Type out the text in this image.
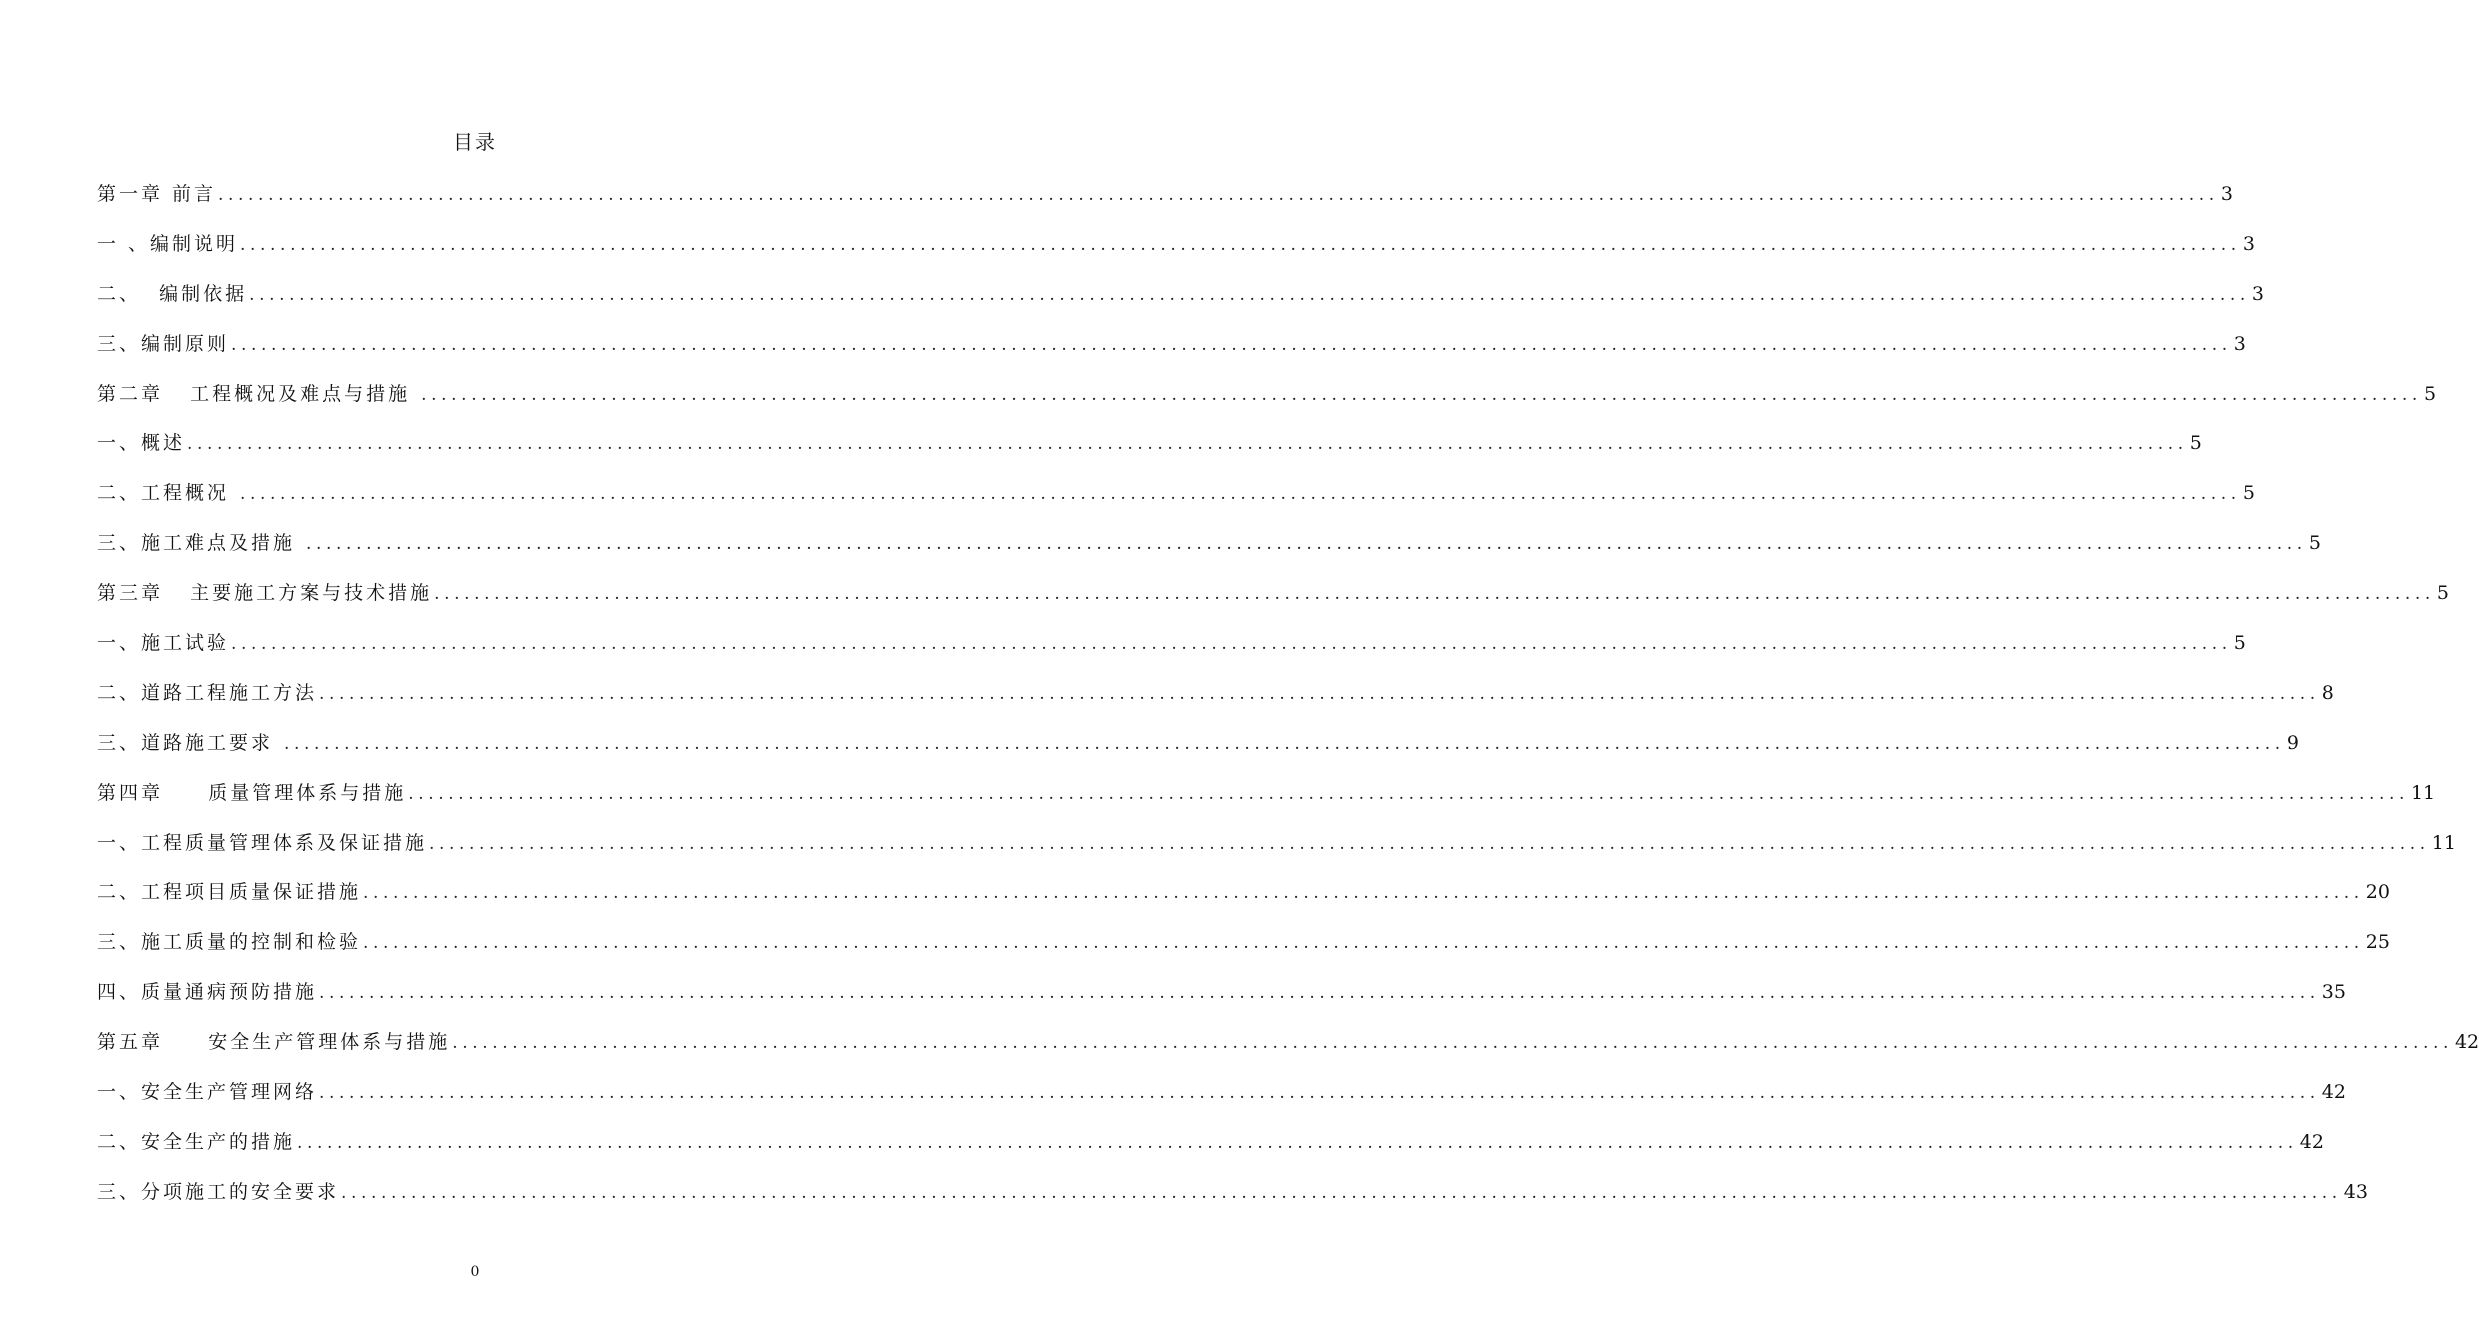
目录
第一章 前言 ........................................................................................................................................................................................................ 3
一 、编制说明 ........................................................................................................................................................................................................ 3
二、  编制依据 ........................................................................................................................................................................................................ 3
三、编制原则 ........................................................................................................................................................................................................ 3
第二章   工程概况及难点与措施 ........................................................................................................................................................................................................ 5
一、概述 ........................................................................................................................................................................................................ 5
二、工程概况 ........................................................................................................................................................................................................ 5
三、施工难点及措施 ........................................................................................................................................................................................................ 5
第三章   主要施工方案与技术措施 ........................................................................................................................................................................................................ 5
一、施工试验 ........................................................................................................................................................................................................ 5
二、道路工程施工方法 ........................................................................................................................................................................................................ 8
三、道路施工要求 ........................................................................................................................................................................................................ 9
第四章     质量管理体系与措施 ........................................................................................................................................................................................................ 11
一、工程质量管理体系及保证措施 ........................................................................................................................................................................................................ 11
二、工程项目质量保证措施 ........................................................................................................................................................................................................ 20
三、施工质量的控制和检验 ........................................................................................................................................................................................................ 25
四、质量通病预防措施 ........................................................................................................................................................................................................ 35
第五章     安全生产管理体系与措施 ........................................................................................................................................................................................................ 42
一、安全生产管理网络 ........................................................................................................................................................................................................ 42
二、安全生产的措施 ........................................................................................................................................................................................................ 42
三、分项施工的安全要求 ........................................................................................................................................................................................................ 43
0
